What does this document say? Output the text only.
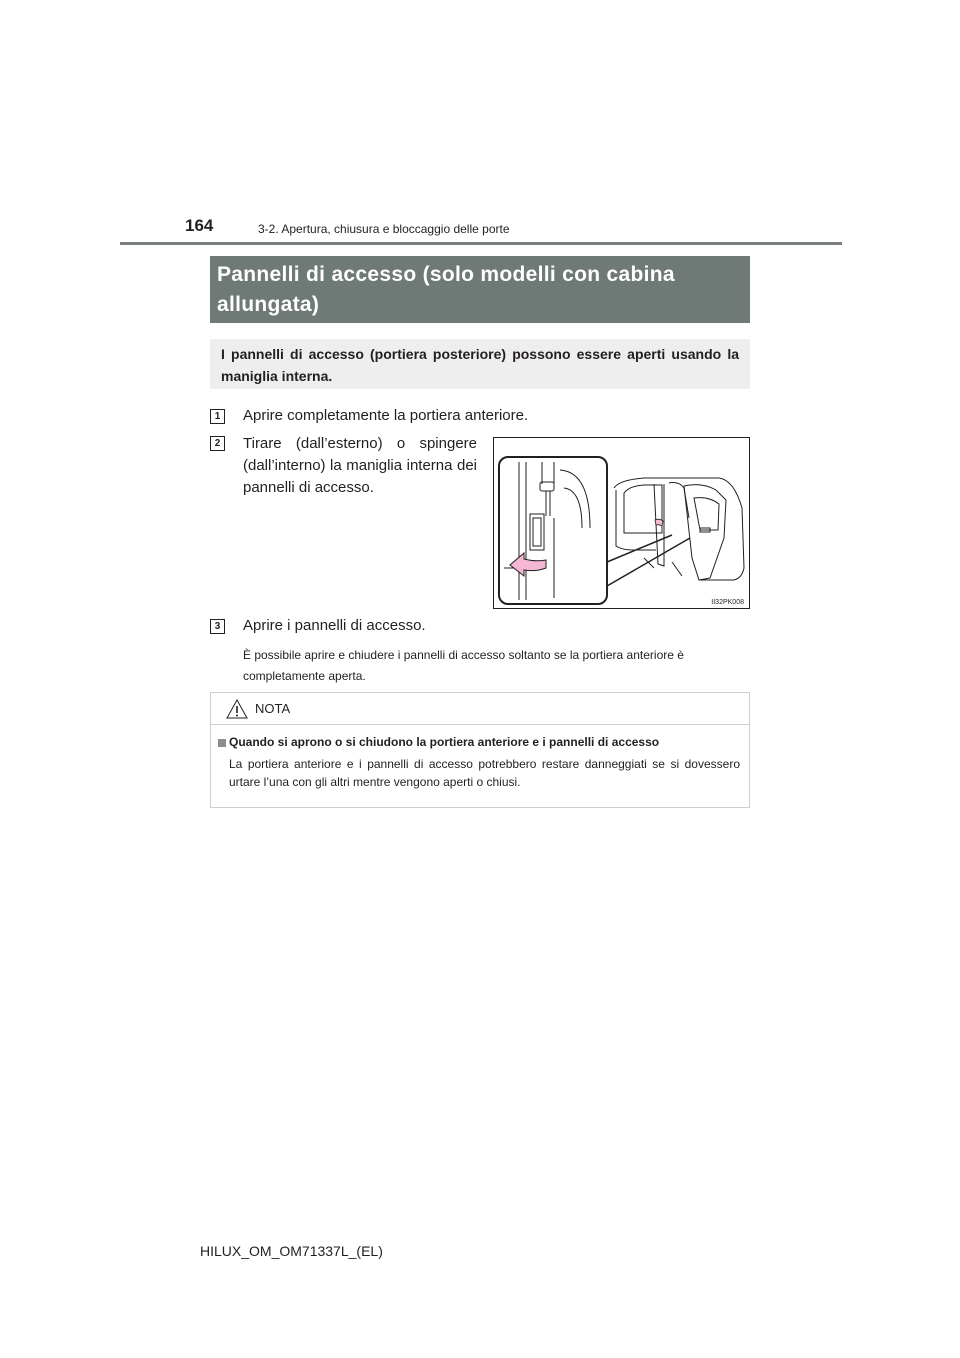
164	3-2. Apertura, chiusura e bloccaggio delle porte
Pannelli di accesso (solo modelli con cabina allungata)
I pannelli di accesso (portiera posteriore) possono essere aperti usando la maniglia interna.
1	Aprire completamente la portiera anteriore.
2	Tirare (dall’esterno) o spingere (dall’interno) la maniglia interna dei pannelli di accesso.
II32PK008
3	Aprire i pannelli di accesso.
È possibile aprire e chiudere i pannelli di accesso soltanto se la portiera anteriore è completamente aperta.
NOTA
Quando si aprono o si chiudono la portiera anteriore e i pannelli di accesso
La portiera anteriore e i pannelli di accesso potrebbero restare danneggiati se si dovessero urtare l’una con gli altri mentre vengono aperti o chiusi.
HILUX_OM_OM71337L_(EL)
